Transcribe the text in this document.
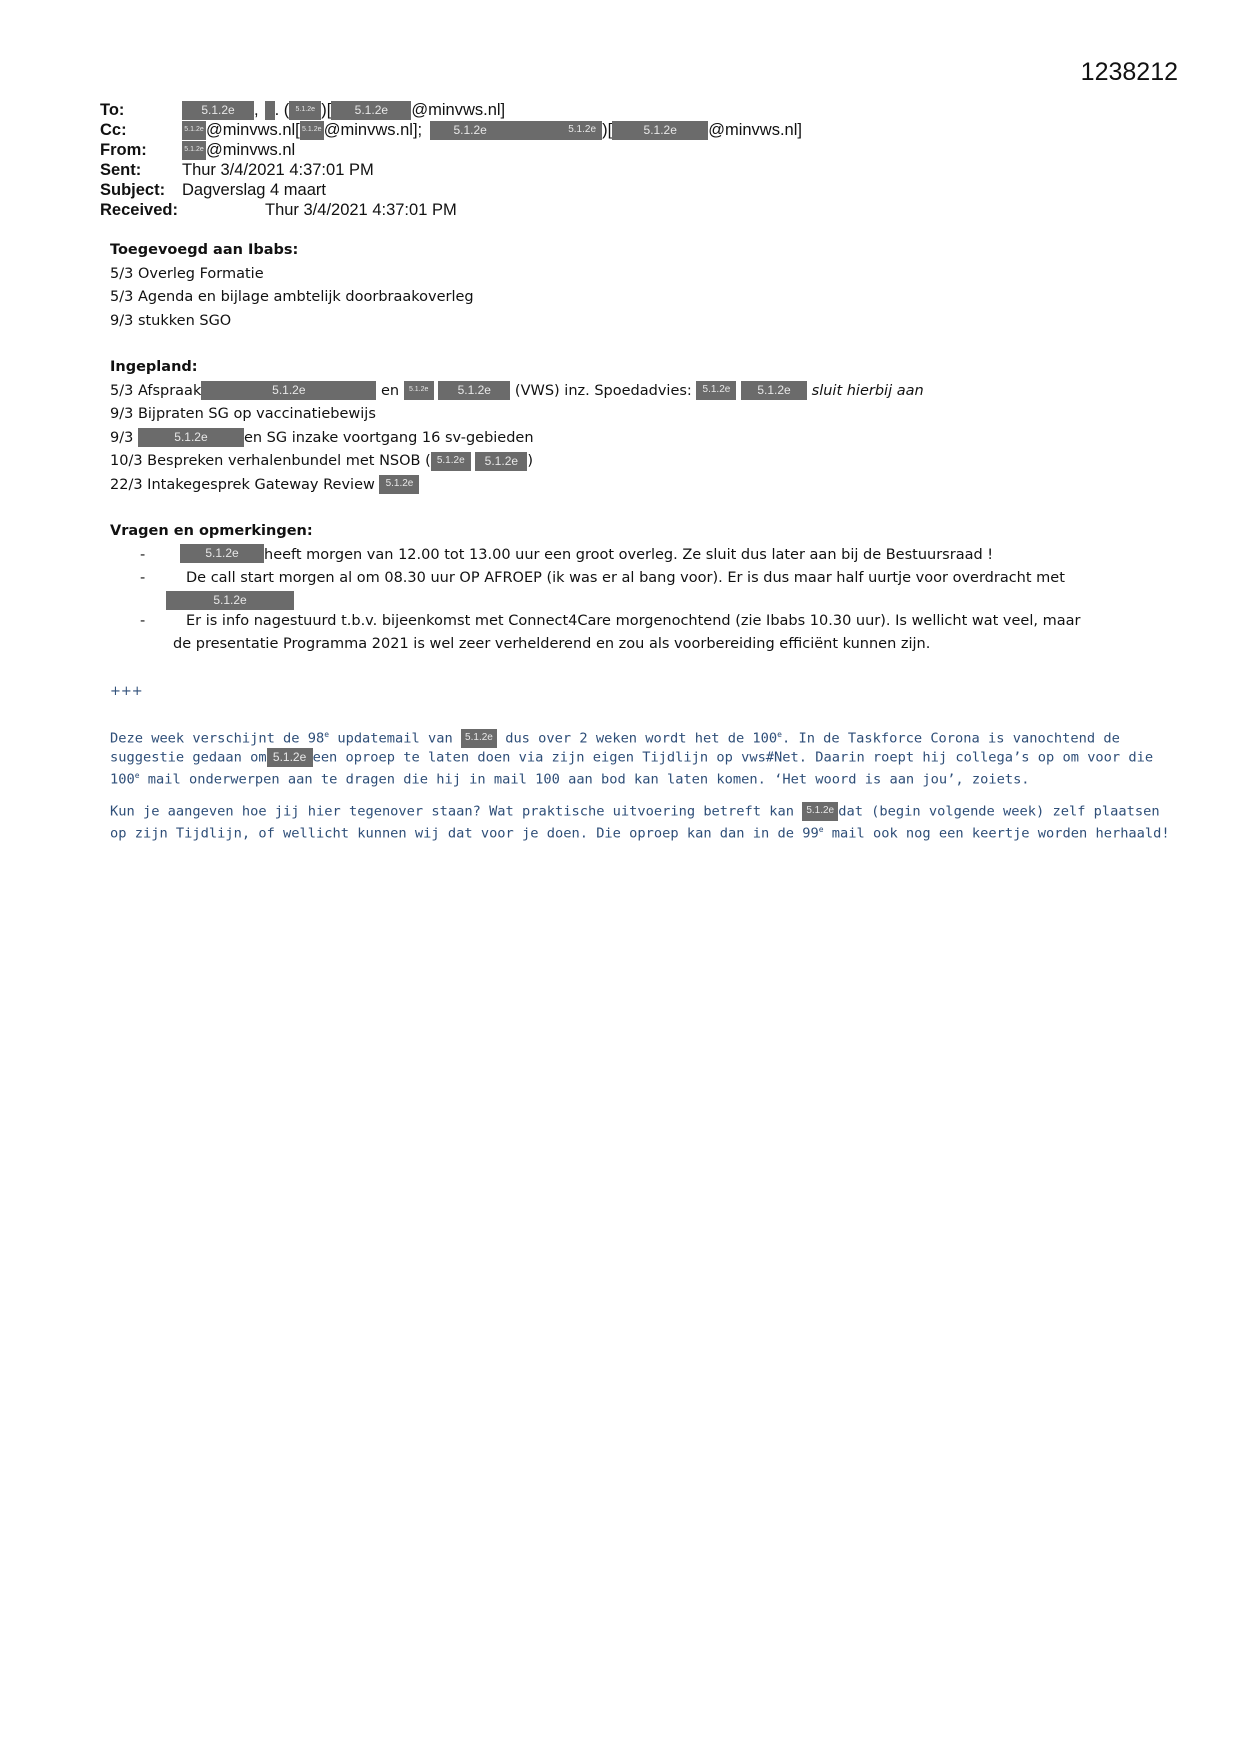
1238212
To:	5.1.2e	, . ( 5.1.2e )[	5.1.2e	@minvws.nl]
Cc:	5.1.2e @minvws.nl[ 5.1.2e @minvws.nl];	5.1.2e	5.1.2e )[	5.1.2e	@minvws.nl]
From:	5.1.2e @minvws.nl
Sent:	Thur 3/4/2021 4:37:01 PM
Subject:	Dagverslag 4 maart
Received:	Thur 3/4/2021 4:37:01 PM

Toegevoegd aan Ibabs:

5/3 Overleg Formatie

5/3 Agenda en bijlage ambtelijk doorbraakoverleg

9/3 stukken SGO

Ingepland:

5/3 Afspraak	5.1.2e	en 5.1.2e 5.1.2e (VWS) inz. Spoedadvies: 5.1.2e 5.1.2e sluit hierbij aan

9/3 Bijpraten SG op vaccinatiebewijs

9/3	5.1.2e	en SG inzake voortgang 16 sv-gebieden

10/3 Bespreken verhalenbundel met NSOB ( 5.1.2e 5.1.2e )

22/3 Intakegesprek Gateway Review 5.1.2e

Vragen en opmerkingen:

-	5.1.2e	heeft morgen van 12.00 tot 13.00 uur een groot overleg. Ze sluit dus later aan bij de Bestuursraad !
-	De call start morgen al om 08.30 uur OP AFROEP (ik was er al bang voor). Er is dus maar half uurtje voor overdracht met
5.1.2e
-	Er is info nagestuurd t.b.v. bijeenkomst met Connect4Care morgenochtend (zie Ibabs 10.30 uur). Is wellicht wat veel, maar
de presentatie Programma 2021 is wel zeer verhelderend en zou als voorbereiding efficiënt kunnen zijn.

+++

Deze week verschijnt de 98e updatemail van 5.1.2e dus over 2 weken wordt het de 100e. In de Taskforce Corona is vanochtend de

suggestie gedaan om 5.1.2e een oproep te laten doen via zijn eigen Tijdlijn op vws#Net. Daarin roept hij collega’s op om voor die

100e mail onderwerpen aan te dragen die hij in mail 100 aan bod kan laten komen. ‘Het woord is aan jou’, zoiets.

Kun je aangeven hoe jij hier tegenover staan? Wat praktische uitvoering betreft kan 5.1.2e dat (begin volgende week) zelf plaatsen

op zijn Tijdlijn, of wellicht kunnen wij dat voor je doen. Die oproep kan dan in de 99e mail ook nog een keertje worden herhaald!
